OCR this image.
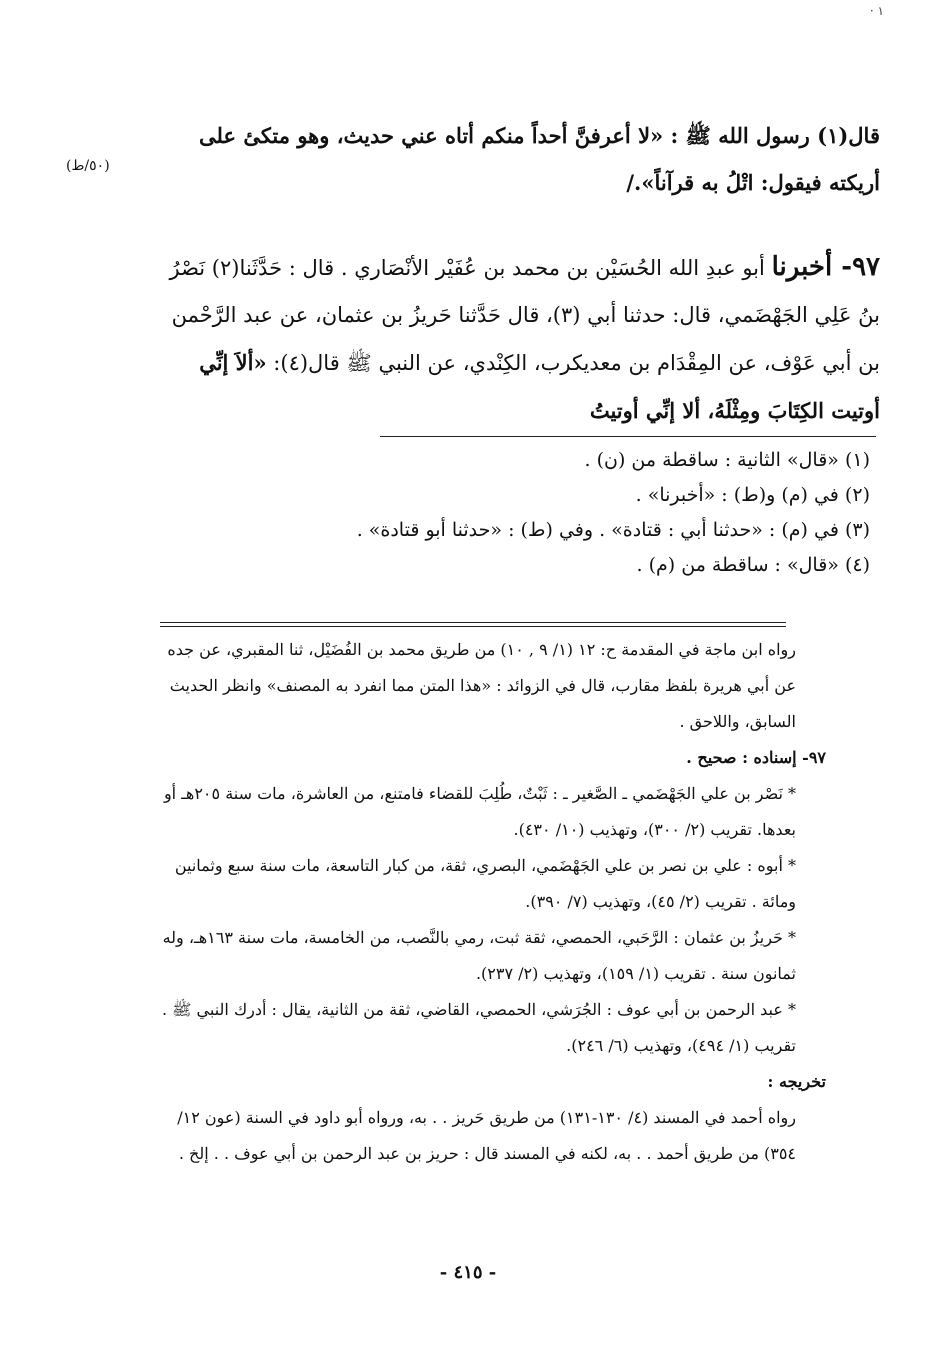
· ۱
(٥٠/ط)

قال(١) رسول الله ﷺ : «لا أعرفنَّ أحداً منكم أتاه عني حديث، وهو متكئ على أريكته فيقول: اتْلُ به قرآناً»./

٩٧- أخبرنا أبو عبدِ الله الحُسَيْن بن محمد بن عُفَيْر الأنْصَاري . قال : حَدَّثَنا(٢) نَصْرُ بنُ عَلِي الجَهْضَمي، قال: حدثنا أبي (٣)، قال حَدَّثنا حَريزُ بن عثمان، عن عبد الرَّحْمن بن أبي عَوْف، عن المِقْدَام بن معديكرب، الكِنْدي، عن النبي ﷺ قال(٤): «ألاَ إنِّي أوتيت الكِتَابَ ومِثْلَهُ، ألا إنِّي أوتيتُ

(١) «قال» الثانية : ساقطة من (ن) .

(٢) في (م) و(ط) : «أخبرنا» .

(٣) في (م) : «حدثنا أبي : قتادة» . وفي (ط) : «حدثنا أبو قتادة» .

(٤) «قال» : ساقطة من (م) .

رواه ابن ماجة في المقدمة ح: ١٢ (١/ ٩ , ١٠) من طريق محمد بن الفُضَيْل، ثنا المقبري، عن جده عن أبي هريرة بلفظ مقارب، قال في الزوائد : «هذا المتن مما انفرد به المصنف» وانظر الحديث السابق، واللاحق .

٩٧- إسناده : صحيح .

* نَصْر بن علي الجَهْضَمي ـ الصَّغير ـ : ثَبْتٌ، طُلِبَ للقضاء فامتنع، من العاشرة، مات سنة ٢٠٥هـ أو بعدها. تقريب (٢/ ٣٠٠)، وتهذيب (١٠/ ٤٣٠).

* أبوه : علي بن نصر بن علي الجَهْضَمي، البصري، ثقة، من كبار التاسعة، مات سنة سبع وثمانين ومائة . تقريب (٢/ ٤٥)، وتهذيب (٧/ ٣٩٠).

* حَريزُ بن عثمان : الرَّحَبي، الحمصي، ثقة ثبت، رمي بالنَّصب، من الخامسة، مات سنة ١٦٣هـ، وله ثمانون سنة . تقريب (١/ ١٥٩)، وتهذيب (٢/ ٢٣٧).

* عبد الرحمن بن أبي عوف : الجُرَشي، الحمصي، القاضي، ثقة من الثانية، يقال : أدرك النبي ﷺ . تقريب (١/ ٤٩٤)، وتهذيب (٦/ ٢٤٦).

تخريجه :

رواه أحمد في المسند (٤/ ١٣٠-١٣١) من طريق حَريز . . به، ورواه أبو داود في السنة (عون ١٢/ ٣٥٤) من طريق أحمد . . به، لكنه في المسند قال : حريز بن عبد الرحمن بن أبي عوف . . إلخ .

- ٤١٥ -
